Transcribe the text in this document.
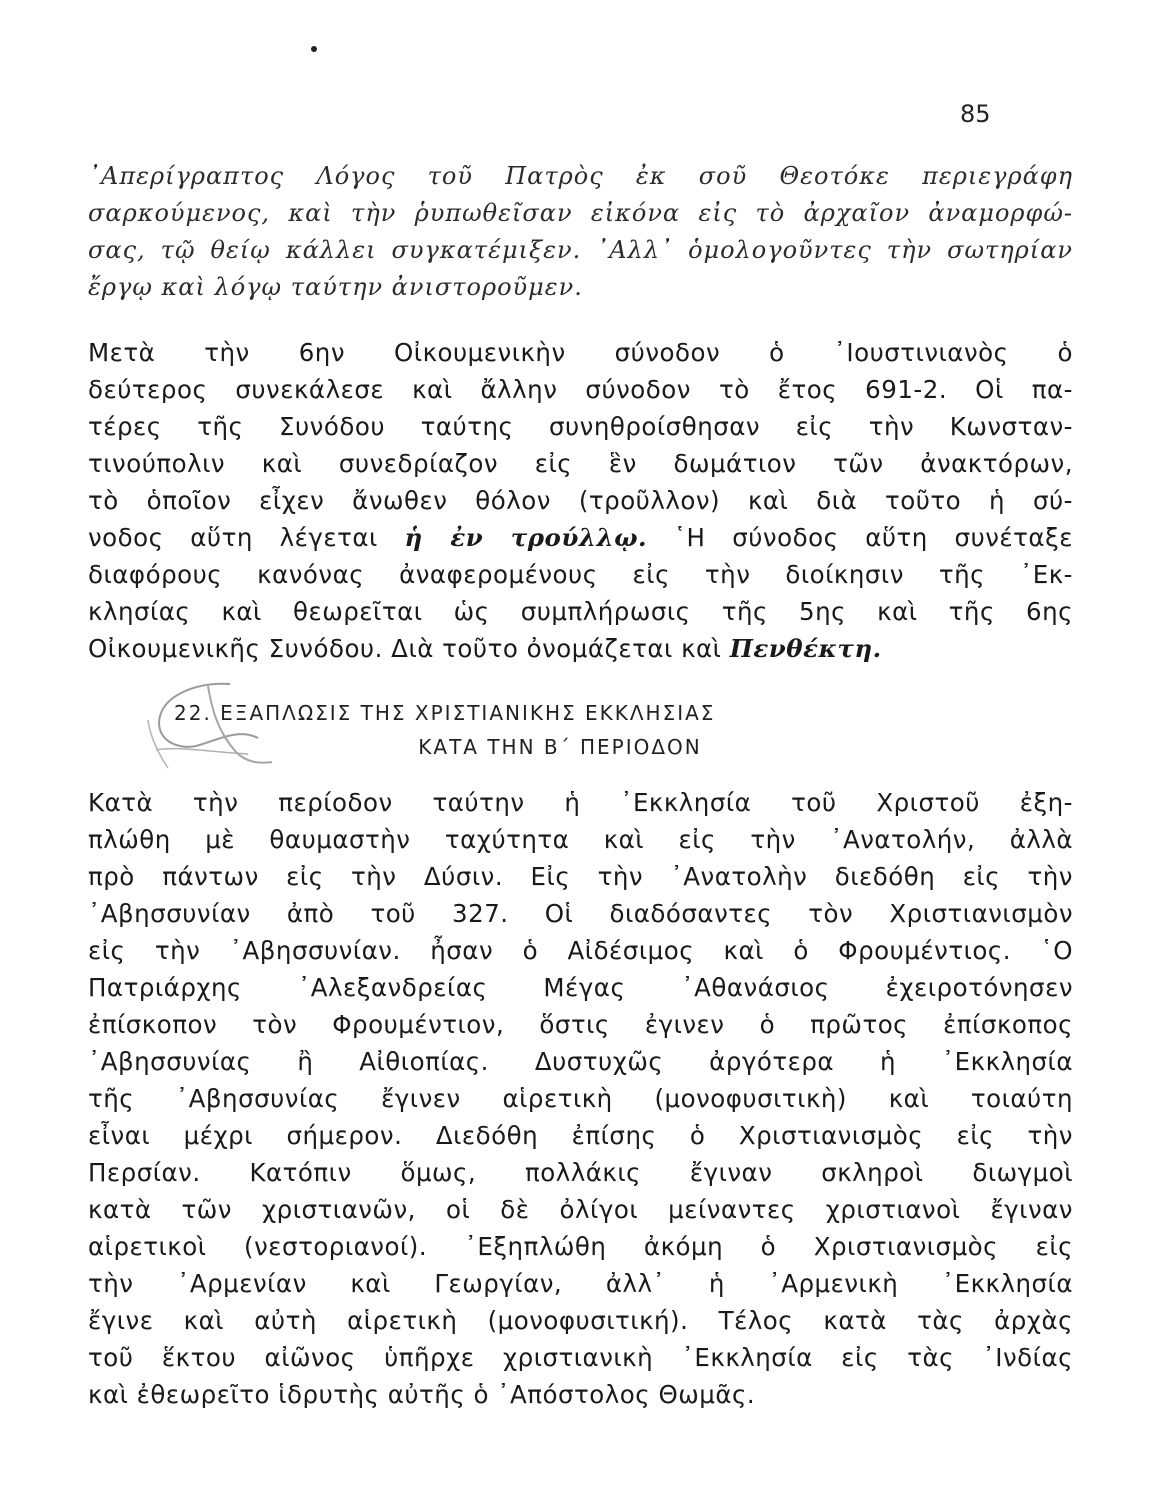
85
᾿Απερίγραπτος Λόγος τοῦ Πατρὸς ἐκ σοῦ Θεοτόκε περιεγράφη
σαρκούμενος, καὶ τὴν ῥυπωθεῖσαν εἰκόνα εἰς τὸ ἀρχαῖον ἀναμορφώ-
σας, τῷ θείῳ κάλλει συγκατέμιξεν. ᾿Αλλ᾿ ὁμολογοῦντες τὴν σωτηρίαν
ἔργῳ καὶ λόγῳ ταύτην ἀνιστοροῦμεν.
Μετὰ τὴν 6ην Οἰκουμενικὴν σύνοδον ὁ ᾿Ιουστινιανὸς ὁ
δεύτερος συνεκάλεσε καὶ ἄλλην σύνοδον τὸ ἔτος 691-2. Οἱ πα-
τέρες τῆς Συνόδου ταύτης συνηθροίσθησαν εἰς τὴν Κωνσταν-
τινούπολιν καὶ συνεδρίαζον εἰς ἓν δωμάτιον τῶν ἀνακτόρων,
τὸ ὁποῖον εἶχεν ἄνωθεν θόλον (τροῦλλον) καὶ διὰ τοῦτο ἡ σύ-
νοδος αὕτη λέγεται ἡ ἐν τρούλλῳ. ῾Η σύνοδος αὕτη συνέταξε
διαφόρους κανόνας ἀναφερομένους εἰς τὴν διοίκησιν τῆς ᾿Εκ-
κλησίας καὶ θεωρεῖται ὡς συμπλήρωσις τῆς 5ης καὶ τῆς 6ης
Οἰκουμενικῆς Συνόδου. Διὰ τοῦτο ὀνομάζεται καὶ Πενθέκτη.
22. ΕΞΑΠΛΩΣΙΣ ΤΗΣ ΧΡΙΣΤΙΑΝΙΚΗΣ ΕΚΚΛΗΣΙΑΣ
ΚΑΤΑ ΤΗΝ Β΄ ΠΕΡΙΟΔΟΝ
Κατὰ τὴν περίοδον ταύτην ἡ ᾿Εκκλησία τοῦ Χριστοῦ ἐξη-
πλώθη μὲ θαυμαστὴν ταχύτητα καὶ εἰς τὴν ᾿Ανατολήν, ἀλλὰ
πρὸ πάντων εἰς τὴν Δύσιν. Εἰς τὴν ᾿Ανατολὴν διεδόθη εἰς τὴν
᾿Αβησσυνίαν ἀπὸ τοῦ 327. Οἱ διαδόσαντες τὸν Χριστιανισμὸν
εἰς τὴν ᾿Αβησσυνίαν. ἦσαν ὁ Αἰδέσιμος καὶ ὁ Φρουμέντιος. ῾Ο
Πατριάρχης ᾿Αλεξανδρείας Μέγας ᾿Αθανάσιος ἐχειροτόνησεν
ἐπίσκοπον τὸν Φρουμέντιον, ὅστις ἐγινεν ὁ πρῶτος ἐπίσκοπος
᾿Αβησσυνίας ἢ Αἰθιοπίας. Δυστυχῶς ἀργότερα ἡ ᾿Εκκλησία
τῆς ᾿Αβησσυνίας ἔγινεν αἱρετικὴ (μονοφυσιτικὴ) καὶ τοιαύτη
εἶναι μέχρι σήμερον. Διεδόθη ἐπίσης ὁ Χριστιανισμὸς εἰς τὴν
Περσίαν. Κατόπιν ὅμως, πολλάκις ἔγιναν σκληροὶ διωγμοὶ
κατὰ τῶν χριστιανῶν, οἱ δὲ ὀλίγοι μείναντες χριστιανοὶ ἔγιναν
αἱρετικοὶ (νεστοριανοί). ᾿Εξηπλώθη ἀκόμη ὁ Χριστιανισμὸς εἰς
τὴν ᾿Αρμενίαν καὶ Γεωργίαν, ἀλλ᾿ ἡ ᾿Αρμενικὴ ᾿Εκκλησία
ἔγινε καὶ αὐτὴ αἱρετικὴ (μονοφυσιτική). Τέλος κατὰ τὰς ἀρχὰς
τοῦ ἕκτου αἰῶνος ὑπῆρχε χριστιανικὴ ᾿Εκκλησία εἰς τὰς ᾿Ινδίας
καὶ ἐθεωρεῖτο ἱδρυτὴς αὐτῆς ὁ ᾿Απόστολος Θωμᾶς.
